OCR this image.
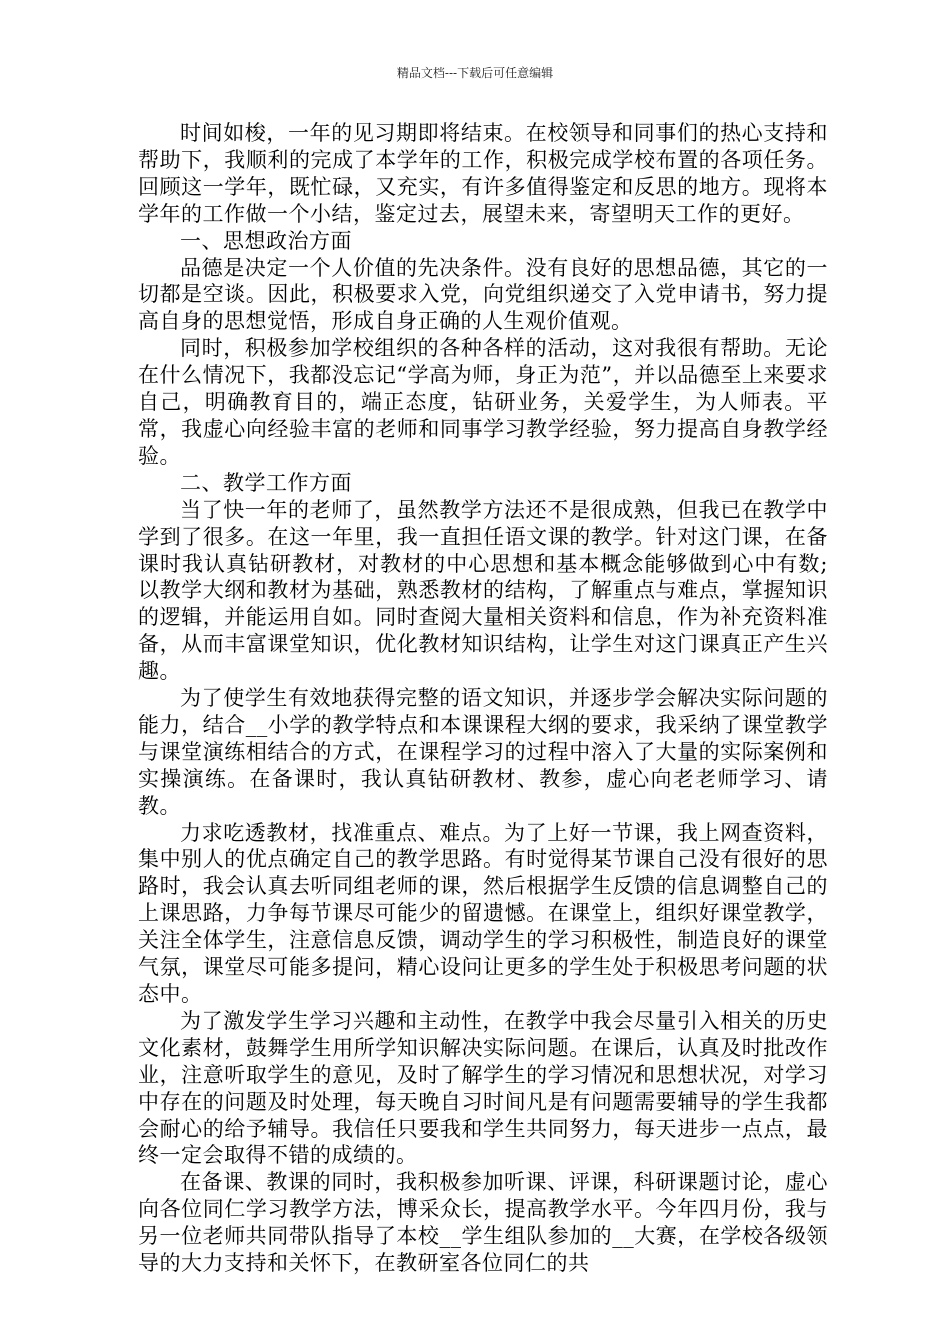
精品文档---下载后可任意编辑

时间如梭，一年的见习期即将结束。在校领导和同事们的热心支持和帮助下，我顺利的完成了本学年的工作，积极完成学校布置的各项任务。回顾这一学年，既忙碌，又充实，有许多值得鉴定和反思的地方。现将本学年的工作做一个小结，鉴定过去，展望未来，寄望明天工作的更好。

一、思想政治方面

品德是决定一个人价值的先决条件。没有良好的思想品德，其它的一切都是空谈。因此，积极要求入党，向党组织递交了入党申请书，努力提高自身的思想觉悟，形成自身正确的人生观价值观。

同时，积极参加学校组织的各种各样的活动，这对我很有帮助。无论在什么情况下，我都没忘记“学高为师，身正为范”，并以品德至上来要求自己，明确教育目的，端正态度，钻研业务，关爱学生，为人师表。平常，我虚心向经验丰富的老师和同事学习教学经验，努力提高自身教学经验。

二、教学工作方面

当了快一年的老师了，虽然教学方法还不是很成熟，但我已在教学中学到了很多。在这一年里，我一直担任语文课的教学。针对这门课，在备课时我认真钻研教材，对教材的中心思想和基本概念能够做到心中有数;以教学大纲和教材为基础，熟悉教材的结构，了解重点与难点，掌握知识的逻辑，并能运用自如。同时查阅大量相关资料和信息，作为补充资料准备，从而丰富课堂知识，优化教材知识结构，让学生对这门课真正产生兴趣。

为了使学生有效地获得完整的语文知识，并逐步学会解决实际问题的能力，结合__小学的教学特点和本课课程大纲的要求，我采纳了课堂教学与课堂演练相结合的方式，在课程学习的过程中溶入了大量的实际案例和实操演练。在备课时，我认真钻研教材、教参，虚心向老老师学习、请教。

力求吃透教材，找准重点、难点。为了上好一节课，我上网查资料，集中别人的优点确定自己的教学思路。有时觉得某节课自己没有很好的思路时，我会认真去听同组老师的课，然后根据学生反馈的信息调整自己的上课思路，力争每节课尽可能少的留遗憾。在课堂上，组织好课堂教学，关注全体学生，注意信息反馈，调动学生的学习积极性，制造良好的课堂气氛，课堂尽可能多提问，精心设问让更多的学生处于积极思考问题的状态中。

为了激发学生学习兴趣和主动性，在教学中我会尽量引入相关的历史文化素材，鼓舞学生用所学知识解决实际问题。在课后，认真及时批改作业，注意听取学生的意见，及时了解学生的学习情况和思想状况，对学习中存在的问题及时处理，每天晚自习时间凡是有问题需要辅导的学生我都会耐心的给予辅导。我信任只要我和学生共同努力，每天进步一点点，最终一定会取得不错的成绩的。

在备课、教课的同时，我积极参加听课、评课，科研课题讨论，虚心向各位同仁学习教学方法，博采众长，提高教学水平。今年四月份，我与另一位老师共同带队指导了本校__学生组队参加的__大赛，在学校各级领导的大力支持和关怀下，在教研室各位同仁的共
